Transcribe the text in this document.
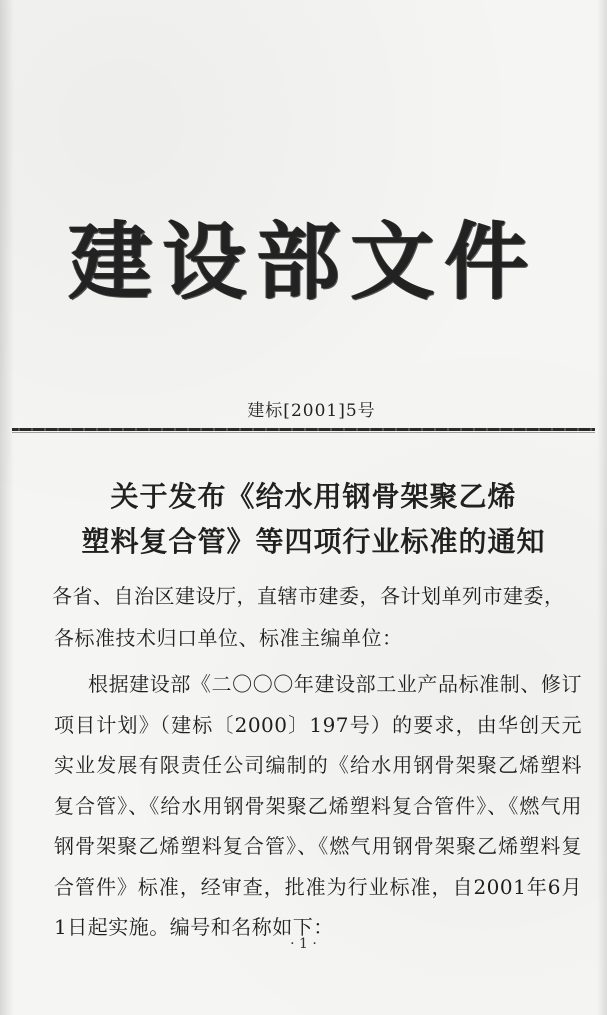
建设部文件
建标[2001]5号
关于发布《给水用钢骨架聚乙烯
塑料复合管》等四项行业标准的通知
各省、自治区建设厅，直辖市建委，各计划单列市建委，
各标准技术归口单位、标准主编单位：
根据建设部《二〇〇〇年建设部工业产品标准制、修订项目计划》（建标〔2000〕197号）的要求，由华创天元实业发展有限责任公司编制的《给水用钢骨架聚乙烯塑料复合管》、《给水用钢骨架聚乙烯塑料复合管件》、《燃气用钢骨架聚乙烯塑料复合管》、《燃气用钢骨架聚乙烯塑料复合管件》标准，经审查，批准为行业标准，自2001年6月1日起实施。编号和名称如下：
· 1 ·
